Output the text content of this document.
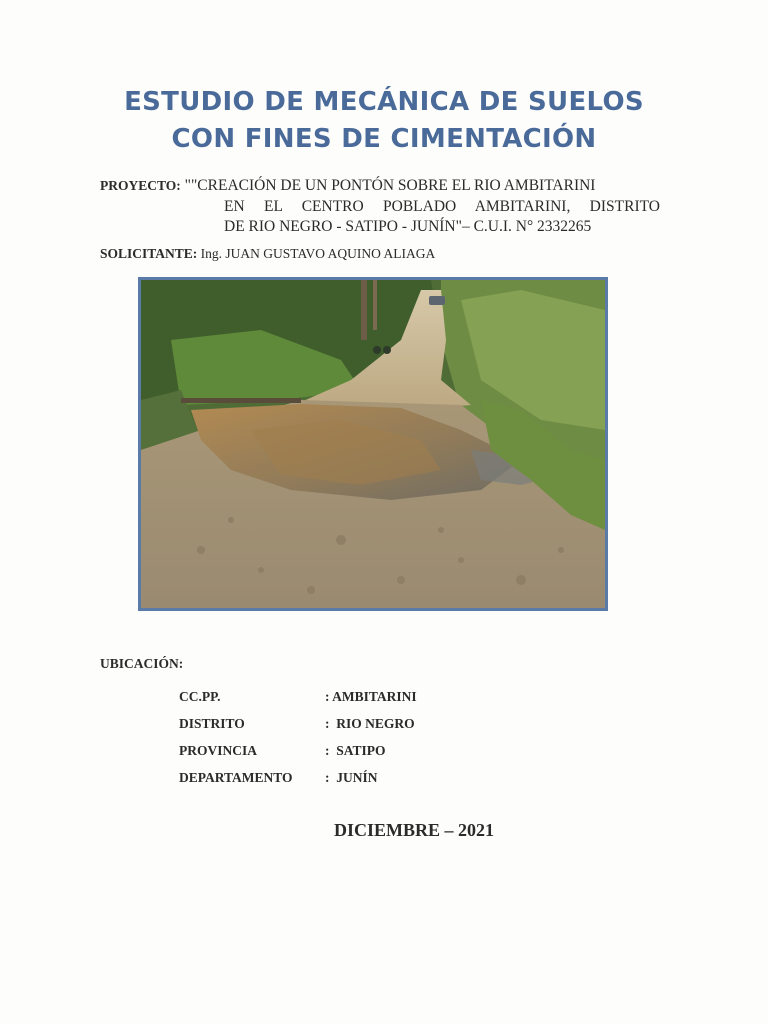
ESTUDIO DE MECÁNICA DE SUELOS
CON FINES DE CIMENTACIÓN
PROYECTO: ""CREACIÓN DE UN PONTÓN SOBRE EL RIO AMBITARINI
EN EL CENTRO POBLADO AMBITARINI, DISTRITO
DE RIO NEGRO - SATIPO - JUNÍN"– C.U.I. N° 2332265
SOLICITANTE: Ing. JUAN GUSTAVO AQUINO ALIAGA
UBICACIÓN:
CC.PP.	: AMBITARINI
DISTRITO	:  RIO NEGRO
PROVINCIA	:  SATIPO
DEPARTAMENTO	:  JUNÍN
DICIEMBRE – 2021
